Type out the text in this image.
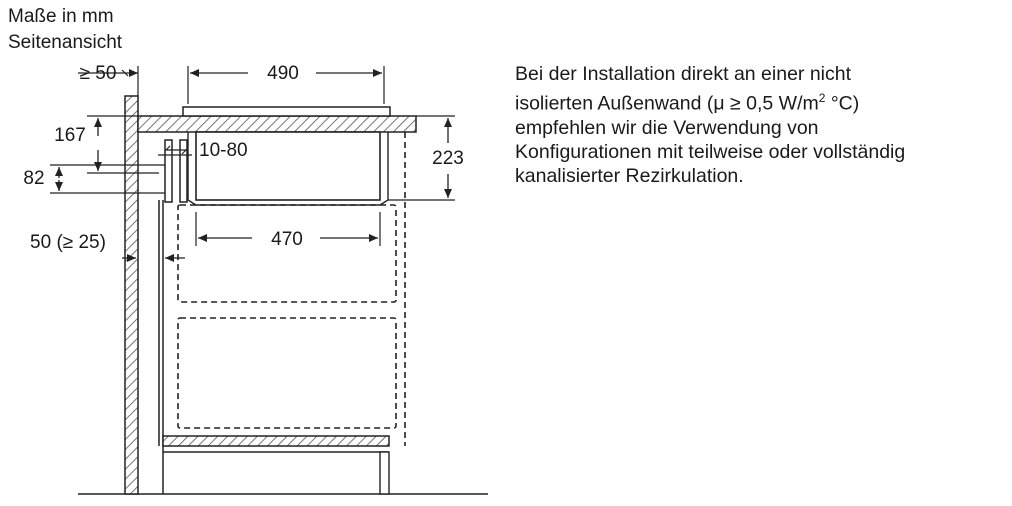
Maße in mm
Seitenansicht
≥ 50	490
167
10-80	223
82
470
50 (≥ 25)
Bei der Installation direkt an einer nicht
isolierten Außenwand (μ ≥ 0,5 $W/m^2$ °C)
empfehlen wir die Verwendung von
Konfigurationen mit teilweise oder vollständig
kanalisierter Rezirkulation.
